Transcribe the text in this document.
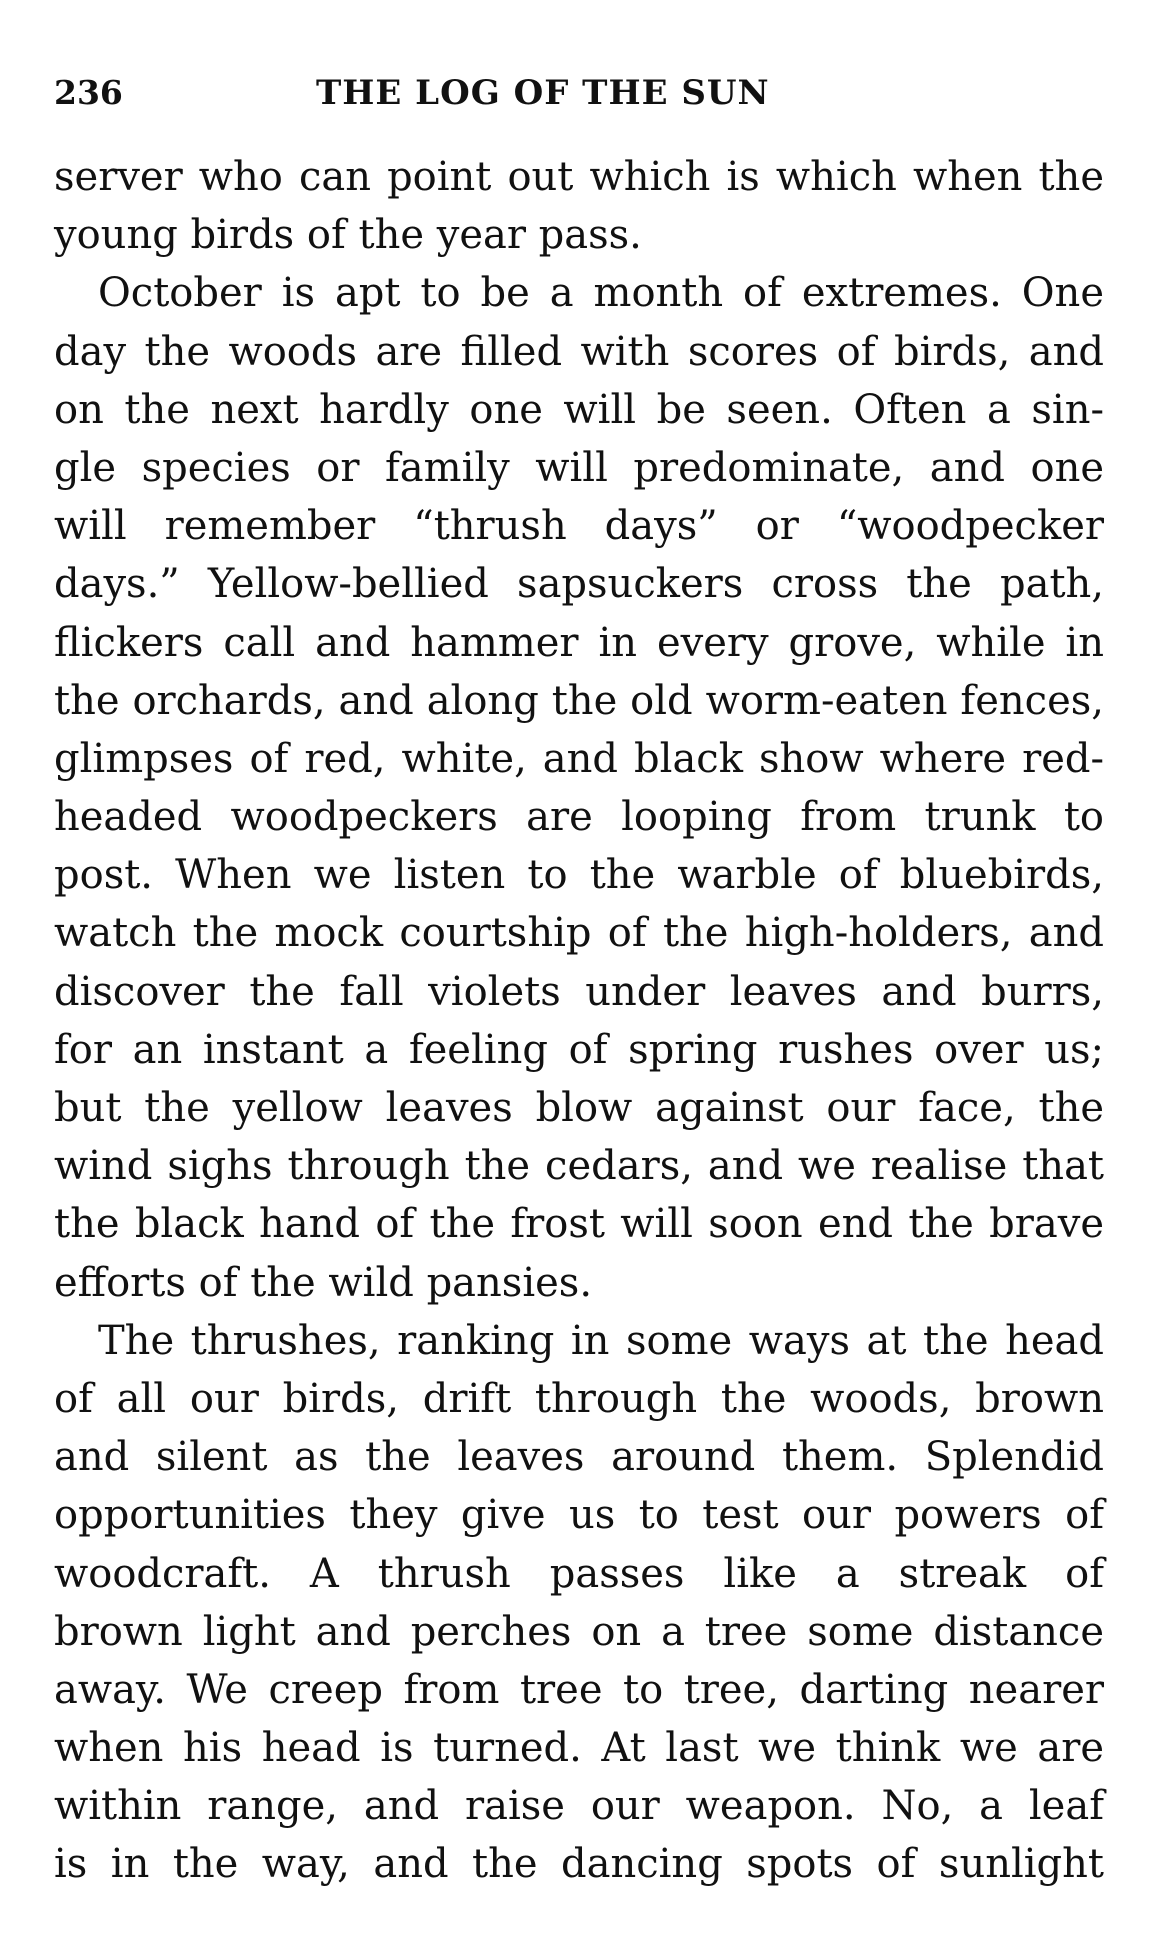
236	THE LOG OF THE SUN
server who can point out which is which when the
young birds of the year pass.
October is apt to be a month of extremes. One
day the woods are filled with scores of birds, and
on the next hardly one will be seen. Often a sin-
gle species or family will predominate, and one
will remember “thrush days” or “woodpecker
days.” Yellow-bellied sapsuckers cross the path,
flickers call and hammer in every grove, while in
the orchards, and along the old worm-eaten fences,
glimpses of red, white, and black show where red-
headed woodpeckers are looping from trunk to
post. When we listen to the warble of bluebirds,
watch the mock courtship of the high-holders, and
discover the fall violets under leaves and burrs,
for an instant a feeling of spring rushes over us;
but the yellow leaves blow against our face, the
wind sighs through the cedars, and we realise that
the black hand of the frost will soon end the brave
efforts of the wild pansies.
The thrushes, ranking in some ways at the head
of all our birds, drift through the woods, brown
and silent as the leaves around them. Splendid
opportunities they give us to test our powers of
woodcraft. A thrush passes like a streak of
brown light and perches on a tree some distance
away. We creep from tree to tree, darting nearer
when his head is turned. At last we think we are
within range, and raise our weapon. No, a leaf
is in the way, and the dancing spots of sunlight
